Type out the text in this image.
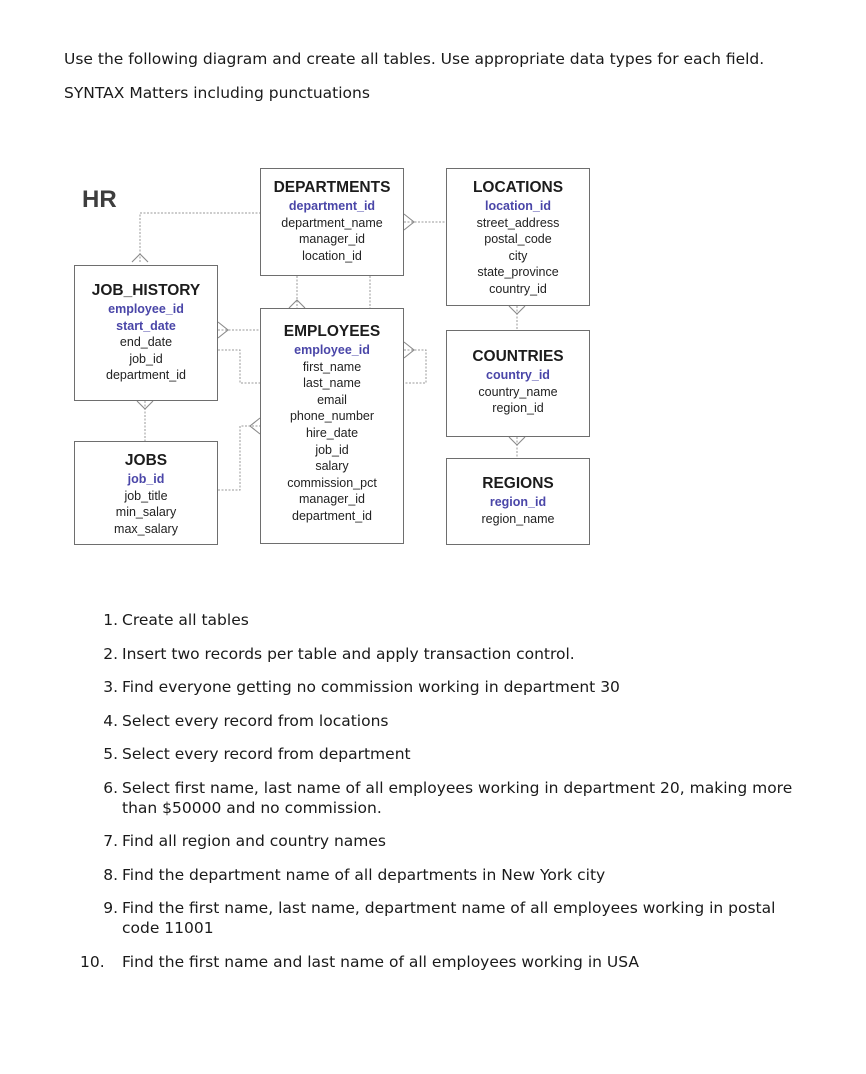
Use the following diagram and create all tables. Use appropriate data types for each field.
SYNTAX Matters including punctuations
HR	DEPARTMENTS
department_id
department_name
manager_id
location_id
LOCATIONS
location_id
street_address
postal_code
city
state_province
country_id
JOB_HISTORY
employee_id
start_date
end_date
job_id
department_id
EMPLOYEES
employee_id
first_name
last_name
email
phone_number
hire_date
job_id
salary
commission_pct
manager_id
department_id
COUNTRIES
country_id
country_name
region_id
JOBS
job_id
job_title
min_salary
max_salary
REGIONS
region_id
region_name
1. Create all tables
2. Insert two records per table and apply transaction control.
3. Find everyone getting no commission working in department 30
4. Select every record from locations
5. Select every record from department
6. Select first name, last name of all employees working in department 20, making more than $50000 and no commission.
7. Find all region and country names
8. Find the department name of all departments in New York city
9. Find the first name, last name, department name of all employees working in postal code 11001
10.	Find the first name and last name of all employees working in USA
